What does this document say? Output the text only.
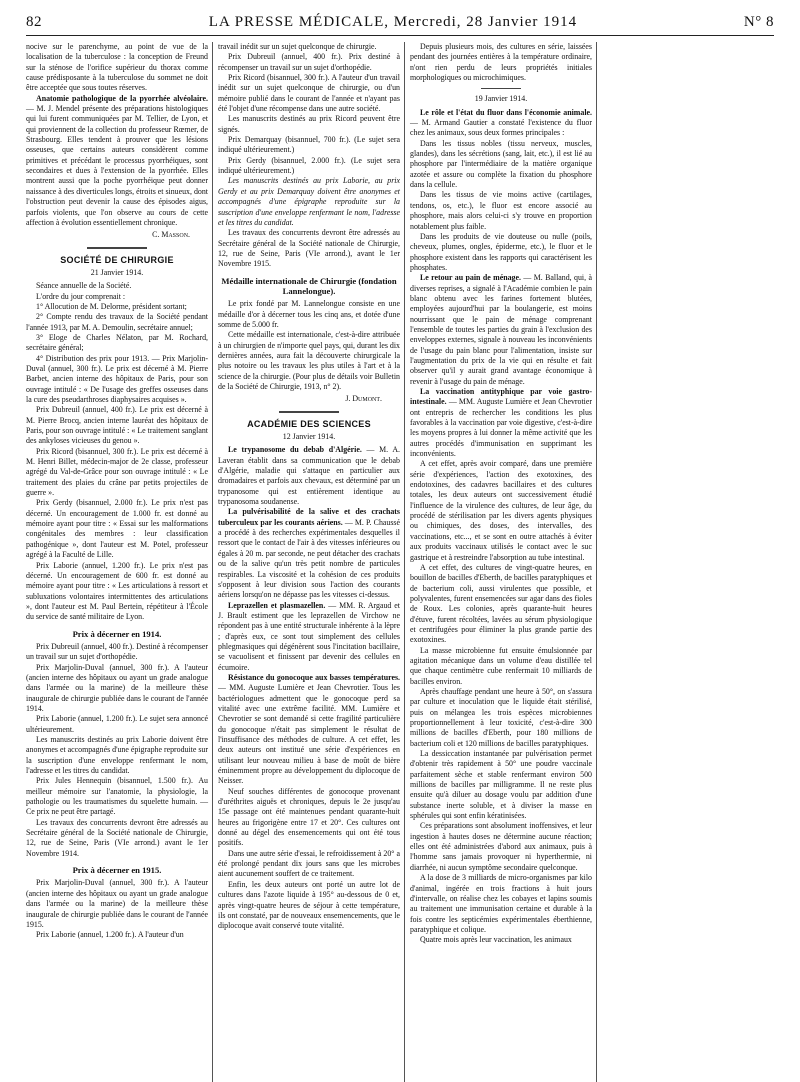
82	LA PRESSE MÉDICALE, Mercredi, 28 Janvier 1914	N° 8

nocive sur le parenchyme, au point de vue de la localisation de la tuberculose : la conception de Freund sur la sténose de l'orifice supérieur du thorax comme cause prédisposante à la tuberculose du sommet ne doit être acceptée que sous toutes réserves.

Anatomie pathologique de la pyorrhée alvéolaire. — M. J. Mendel présente des préparations histologiques qui lui furent communiquées par M. Tellier, de Lyon, et qui proviennent de la collection du professeur Rœmer, de Strasbourg. Elles tendent à prouver que les lésions osseuses, que certains auteurs considèrent comme primitives et précédant le processus pyorrhéiques, sont secondaires et dues à l'extension de la pyorrhée. Elles montrent aussi que la poche pyorrhéique peut donner naissance à des diverticules longs, étroits et sinueux, dont l'obstruction peut devenir la cause des épisodes aigus, parfois violents, que l'on observe au cours de cette affection à évolution essentiellement chronique.

C. Masson.
SOCIÉTÉ DE CHIRURGIE
21 Janvier 1914.

Séance annuelle de la Société.

L'ordre du jour comprenait :

1° Allocution de M. Delorme, président sortant;

2° Compte rendu des travaux de la Société pendant l'année 1913, par M. A. Demoulin, secrétaire annuel;

3° Eloge de Charles Nélaton, par M. Rochard, secrétaire général;

4° Distribution des prix pour 1913. — Prix Marjolin-Duval (annuel, 300 fr.). Le prix est décerné à M. Pierre Barbet, ancien interne des hôpitaux de Paris, pour son ouvrage intitulé : « De l'usage des greffes osseuses dans la cure des pseudarthroses diaphysaires acquises ».

Prix Dubreuil (annuel, 400 fr.). Le prix est décerné à M. Pierre Brocq, ancien interne lauréat des hôpitaux de Paris, pour son ouvrage intitulé : « Le traitement sanglant des ankyloses vicieuses du genou ».

Prix Ricord (bisannuel, 300 fr.). Le prix est décerné à M. Henri Billet, médecin-major de 2e classe, professeur agrégé du Val-de-Grâce pour son ouvrage intitulé : « Le traitement des plaies du crâne par petits projectiles de guerre ».

Prix Gerdy (bisannuel, 2.000 fr.). Le prix n'est pas décerné. Un encouragement de 1.000 fr. est donné au mémoire ayant pour titre : « Essai sur les malformations congénitales des membres : leur classification pathogénique », dont l'auteur est M. Potel, professeur agrégé à la Faculté de Lille.

Prix Laborie (annuel, 1.200 fr.). Le prix n'est pas décerné. Un encouragement de 600 fr. est donné au mémoire ayant pour titre : « Les articulations à ressort et subluxations volontaires intermittentes des articulations », dont l'auteur est M. Paul Bertein, répétiteur à l'École du service de santé militaire de Lyon.

Prix à décerner en 1914.

Prix Dubreuil (annuel, 400 fr.). Destiné à récompenser un travail sur un sujet d'orthopédie.

Prix Marjolin-Duval (annuel, 300 fr.). A l'auteur (ancien interne des hôpitaux ou ayant un grade analogue dans l'armée ou la marine) de la meilleure thèse inaugurale de chirurgie publiée dans le courant de l'année 1914.

Prix Laborie (annuel, 1.200 fr.). Le sujet sera annoncé ultérieurement.

Les manuscrits destinés au prix Laborie doivent être anonymes et accompagnés d'une épigraphe reproduite sur la suscription d'une enveloppe renfermant le nom, l'adresse et les titres du candidat.

Prix Jules Hennequin (bisannuel, 1.500 fr.). Au meilleur mémoire sur l'anatomie, la physiologie, la pathologie ou les traumatismes du squelette humain. — Ce prix ne peut être partagé.

Les travaux des concurrents devront être adressés au Secrétaire général de la Société nationale de Chirurgie, 12, rue de Seine, Paris (VIe arrond.) avant le 1er Novembre 1914.

Prix à décerner en 1915.

Prix Marjolin-Duval (annuel, 300 fr.). A l'auteur (ancien interne des hôpitaux ou ayant un grade analogue dans l'armée ou la marine) de la meilleure thèse inaugurale de chirurgie publiée dans le courant de l'année 1915.

Prix Laborie (annuel, 1.200 fr.). A l'auteur d'un

travail inédit sur un sujet quelconque de chirurgie.

Prix Dubreuil (annuel, 400 fr.). Prix destiné à récompenser un travail sur un sujet d'orthopédie.

Prix Ricord (bisannuel, 300 fr.). A l'auteur d'un travail inédit sur un sujet quelconque de chirurgie, ou d'un mémoire publié dans le courant de l'année et n'ayant pas été l'objet d'une récompense dans une autre société.

Les manuscrits destinés au prix Ricord peuvent être signés.

Prix Demarquay (bisannuel, 700 fr.). (Le sujet sera indiqué ultérieurement.)

Prix Gerdy (bisannuel, 2.000 fr.). (Le sujet sera indiqué ultérieurement.)

Les manuscrits destinés au prix Laborie, au prix Gerdy et au prix Demarquay doivent être anonymes et accompagnés d'une épigraphe reproduite sur la suscription d'une enveloppe renfermant le nom, l'adresse et les titres du candidat.

Les travaux des concurrents devront être adressés au Secrétaire général de la Société nationale de Chirurgie, 12, rue de Seine, Paris (VIe arrond.), avant le 1er Novembre 1915.

Médaille internationale de Chirurgie (fondation Lannelongue).

Le prix fondé par M. Lannelongue consiste en une médaille d'or à décerner tous les cinq ans, et dotée d'une somme de 5.000 fr.

Cette médaille est internationale, c'est-à-dire attribuée à un chirurgien de n'importe quel pays, qui, durant les dix dernières années, aura fait la découverte chirurgicale la plus notoire ou les travaux les plus utiles à l'art et à la science de la chirurgie. (Pour plus de détails voir Bulletin de la Société de Chirurgie, 1913, n° 2).

J. Dumont.
ACADÉMIE DES SCIENCES
12 Janvier 1914.

Le trypanosome du debab d'Algérie. — M. A. Laveran établit dans sa communication que le debab d'Algérie, maladie qui s'attaque en particulier aux dromadaires et parfois aux chevaux, est déterminé par un trypanosome qui est entièrement identique au trypanosoma soudanense.

La pulvérisabilité de la salive et des crachats tuberculeux par les courants aériens. — M. P. Chaussé a procédé à des recherches expérimentales desquelles il ressort que le contact de l'air à des vitesses inférieures ou égales à 20 m. par seconde, ne peut détacher des crachats ou de la salive qu'un très petit nombre de particules respirables. La viscosité et la cohésion de ces produits s'opposent à leur division sous l'action des courants aériens lorsqu'on ne dépasse pas les vitesses ci-dessus.

Leprazellen et plasmazellen. — MM. R. Argaud et J. Brault estiment que les leprazellen de Virchow ne répondent pas à une entité structurale inhérente à la lèpre ; d'après eux, ce sont tout simplement des cellules phlegmasiques qui dégénèrent sous l'incitation bacillaire, se vacuolisent et finissent par devenir des cellules en écumoire.

Résistance du gonocoque aux basses températures. — MM. Auguste Lumière et Jean Chevrotier. Tous les bactériologues admettent que le gonocoque perd sa vitalité avec une extrême facilité. MM. Lumière et Chevrotier se sont demandé si cette fragilité particulière du gonocoque n'était pas simplement le résultat de l'insuffisance des méthodes de culture. A cet effet, les deux auteurs ont institué une série d'expériences en utilisant leur nouveau milieu à base de moût de bière éminemment propre au développement du diplocoque de Neisser.

Neuf souches différentes de gonocoque provenant d'uréthrites aiguës et chroniques, depuis le 2e jusqu'au 15e passage ont été maintenues pendant quarante-huit heures au frigorigène entre 17 et 20°. Ces cultures ont donné au dégel des ensemencements qui ont été tous positifs.

Dans une autre série d'essai, le refroidissement à 20° a été prolongé pendant dix jours sans que les microbes aient aucunement souffert de ce traitement.

Enfin, les deux auteurs ont porté un autre lot de cultures dans l'azote liquide à 195° au-dessous de 0 et, après vingt-quatre heures de séjour à cette température, ils ont constaté, par de nouveaux ensemencements, que le diplocoque avait conservé toute vitalité.

Depuis plusieurs mois, des cultures en série, laissées pendant des journées entières à la température ordinaire, n'ont rien perdu de leurs propriétés initiales morphologiques ou microchimiques.

19 Janvier 1914.

Le rôle et l'état du fluor dans l'économie animale. — M. Armand Gautier a constaté l'existence du fluor chez les animaux, sous deux formes principales :

Dans les tissus nobles (tissu nerveux, muscles, glandes), dans les sécrétions (sang, lait, etc.), il est lié au phosphore par l'intermédiaire de la matière organique azotée et assure ou complète la fixation du phosphore dans la cellule.

Dans les tissus de vie moins active (cartilages, tendons, os, etc.), le fluor est encore associé au phosphore, mais alors celui-ci s'y trouve en proportion notablement plus faible.

Dans les produits de vie douteuse ou nulle (poils, cheveux, plumes, ongles, épiderme, etc.), le fluor et le phosphore existent dans les rapports qui caractérisent les phosphates.

Le retour au pain de ménage. — M. Balland, qui, à diverses reprises, a signalé à l'Académie combien le pain blanc obtenu avec les farines fortement blutées, employées aujourd'hui par la boulangerie, est moins nourrissant que le pain de ménage comprenant l'ensemble de toutes les parties du grain à l'exclusion des enveloppes externes, signale à nouveau les inconvénients de l'usage du pain blanc pour l'alimentation, insiste sur l'augmentation du prix de la vie qui en résulte et fait observer qu'il y aurait grand avantage économique à revenir à l'usage du pain de ménage.

La vaccination antityphique par voie gastro-intestinale. — MM. Auguste Lumière et Jean Chevrotier ont entrepris de rechercher les conditions les plus favorables à la vaccination par voie digestive, c'est-à-dire les moyens propres à lui donner la même activité que les autres procédés d'immunisation en supprimant les inconvénients.

A cet effet, après avoir comparé, dans une première série d'expériences, l'action des exotoxines, des endotoxines, des cadavres bacillaires et des cultures totales, les deux auteurs ont successivement étudié l'influence de la virulence des cultures, de leur âge, du procédé de stérilisation par les divers agents physiques ou chimiques, des doses, des intervalles, des vaccinations, etc..., et se sont en outre attachés à éviter aux produits vaccinaux utilisés le contact avec le suc gastrique et à restreindre l'absorption au tube intestinal.

A cet effet, des cultures de vingt-quatre heures, en bouillon de bacilles d'Eberth, de bacilles paratyphiques et de bacterium coli, aussi virulentes que possible, et polyvalentes, furent ensemencées sur agar dans des fioles de Roux. Les colonies, après quarante-huit heures d'étuve, furent récoltées, lavées au sérum physiologique et centrifugées pour éliminer la plus grande partie des exotoxines.

La masse microbienne fut ensuite émulsionnée par agitation mécanique dans un volume d'eau distillée tel que chaque centimètre cube renfermait 10 milliards de bacilles environ.

Après chauffage pendant une heure à 50°, on s'assura par culture et inoculation que le liquide était stérilisé, puis on mélangea les trois espèces microbiennes proportionnellement à leur toxicité, c'est-à-dire 300 millions de bacilles d'Eberth, pour 180 millions de bacterium coli et 120 millions de bacilles paratyphiques.

La dessiccation instantanée par pulvérisation permet d'obtenir très rapidement à 50° une poudre vaccinale parfaitement sèche et stable renfermant environ 500 millions de bacilles par milligramme. Il ne reste plus ensuite qu'à diluer au dosage voulu par addition d'une substance inerte soluble, et à diviser la masse en sphérules qui sont enfin kératinisées.

Ces préparations sont absolument inoffensives, et leur ingestion à hautes doses ne détermine aucune réaction; elles ont été administrées d'abord aux animaux, puis à l'homme sans jamais provoquer ni hyperthermie, ni diarrhée, ni aucun symptôme secondaire quelconque.

A la dose de 3 milliards de micro-organismes par kilo d'animal, ingérée en trois fractions à huit jours d'intervalle, on réalise chez les cobayes et lapins soumis au traitement une immunisation certaine et durable à la fois contre les septicémies expérimentales éberthienne, paratyphique et colique.

Quatre mois après leur vaccination, les animaux
